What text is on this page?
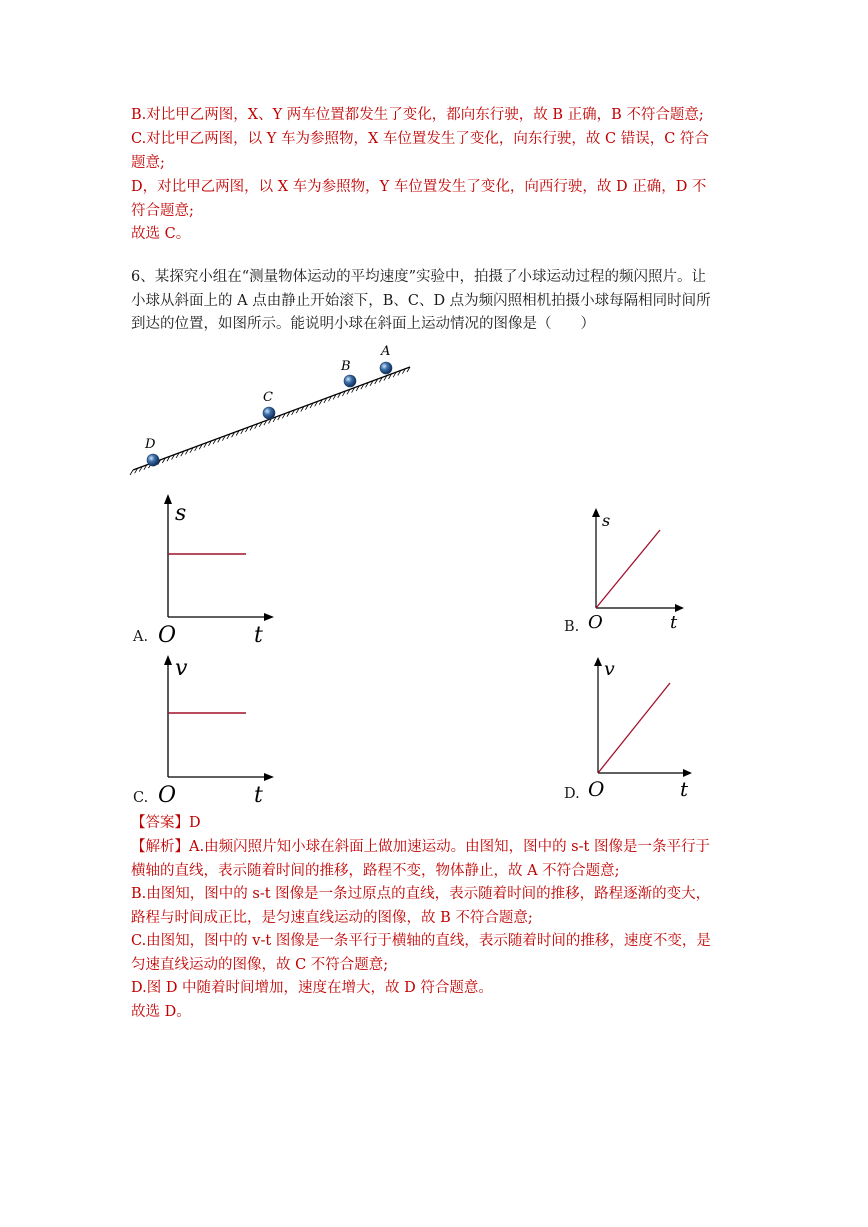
B.对比甲乙两图，X、Y 两车位置都发生了变化，都向东行驶，故 B 正确，B 不符合题意;
C.对比甲乙两图，以 Y 车为参照物，X 车位置发生了变化，向东行驶，故 C 错误，C 符合
题意;
D，对比甲乙两图，以 X 车为参照物，Y 车位置发生了变化，向西行驶，故 D 正确，D 不
符合题意;
故选 C。
6、某探究小组在“测量物体运动的平均速度”实验中，拍摄了小球运动过程的频闪照片。让
小球从斜面上的 A 点由静止开始滚下，B、C、D 点为频闪照相机拍摄小球每隔相同时间所
到达的位置，如图所示。能说明小球在斜面上运动情况的图像是（　　）
A
B
C
D
A.
s
t
O	B.
s
t
O
C.
v
t
O	D.
v
t
O
【答案】D
【解析】A.由频闪照片知小球在斜面上做加速运动。由图知，图中的 s-t 图像是一条平行于
横轴的直线，表示随着时间的推移，路程不变，物体静止，故 A 不符合题意;
B.由图知，图中的 s-t 图像是一条过原点的直线，表示随着时间的推移，路程逐渐的变大，
路程与时间成正比，是匀速直线运动的图像，故 B 不符合题意;
C.由图知，图中的 v-t 图像是一条平行于横轴的直线，表示随着时间的推移，速度不变，是
匀速直线运动的图像，故 C 不符合题意;
D.图 D 中随着时间增加，速度在增大，故 D 符合题意。
故选 D。
